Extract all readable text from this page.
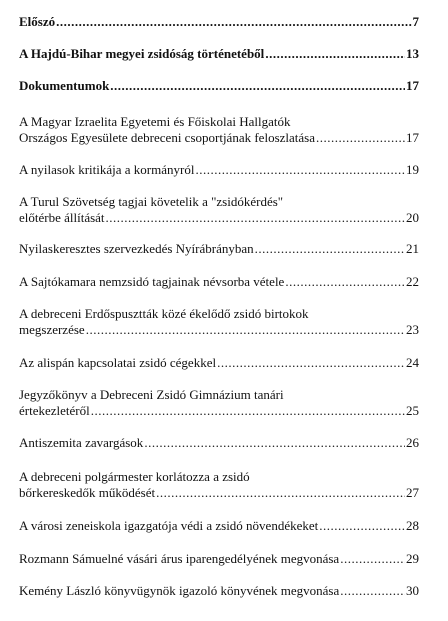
Előszó .....	7
A Hajdú-Bihar megyei zsidóság történetéből .....	13
Dokumentumok .....	17
A Magyar Izraelita Egyetemi és Főiskolai Hallgatók
Országos Egyesülete debreceni csoportjának feloszlatása .....	17
A nyilasok kritikája a kormányról .....	19
A Turul Szövetség tagjai követelik a "zsidókérdés"
előtérbe állítását .....	20
Nyilaskeresztes szervezkedés Nyírábrányban .....	21
A Sajtókamara nemzsidó tagjainak névsorba vétele .....	22
A debreceni Erdőspusztták közé ékelődő zsidó birtokok
megszerzése .....	23
Az alispán kapcsolatai zsidó cégekkel .....	24
Jegyzőkönyv a Debreceni Zsidó Gimnázium tanári
értekezletéről .....	25
Antiszemita zavargások .....	26
A debreceni polgármester korlátozza a zsidó
bőrkereskedők működését .....	27
A városi zeneiskola igazgatója védi a zsidó növendékeket .....	28
Rozmann Sámuelné vásári árus iparengedélyének megvonása .....	29
Kemény László könyvügynök igazoló könyvének megvonása .....	30
